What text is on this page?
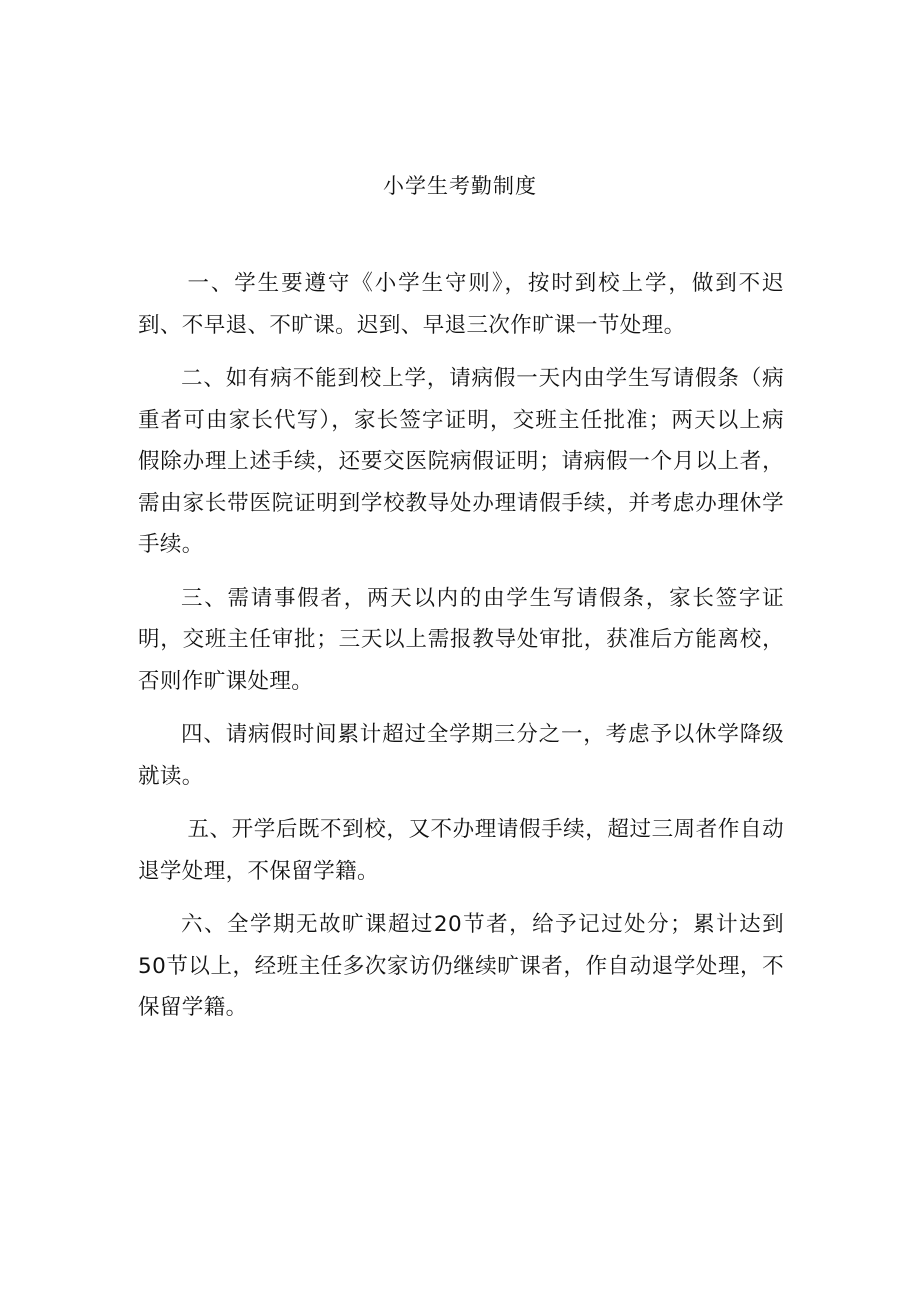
小学生考勤制度

一、学生要遵守《小学生守则》，按时到校上学，做到不迟到、不早退、不旷课。迟到、早退三次作旷课一节处理。

二、如有病不能到校上学，请病假一天内由学生写请假条（病重者可由家长代写），家长签字证明，交班主任批准；两天以上病假除办理上述手续，还要交医院病假证明；请病假一个月以上者，需由家长带医院证明到学校教导处办理请假手续，并考虑办理休学手续。

三、需请事假者，两天以内的由学生写请假条，家长签字证明，交班主任审批；三天以上需报教导处审批，获准后方能离校，否则作旷课处理。

四、请病假时间累计超过全学期三分之一，考虑予以休学降级就读。

五、开学后既不到校，又不办理请假手续，超过三周者作自动退学处理，不保留学籍。

六、全学期无故旷课超过20节者，给予记过处分；累计达到50节以上，经班主任多次家访仍继续旷课者，作自动退学处理，不保留学籍。
